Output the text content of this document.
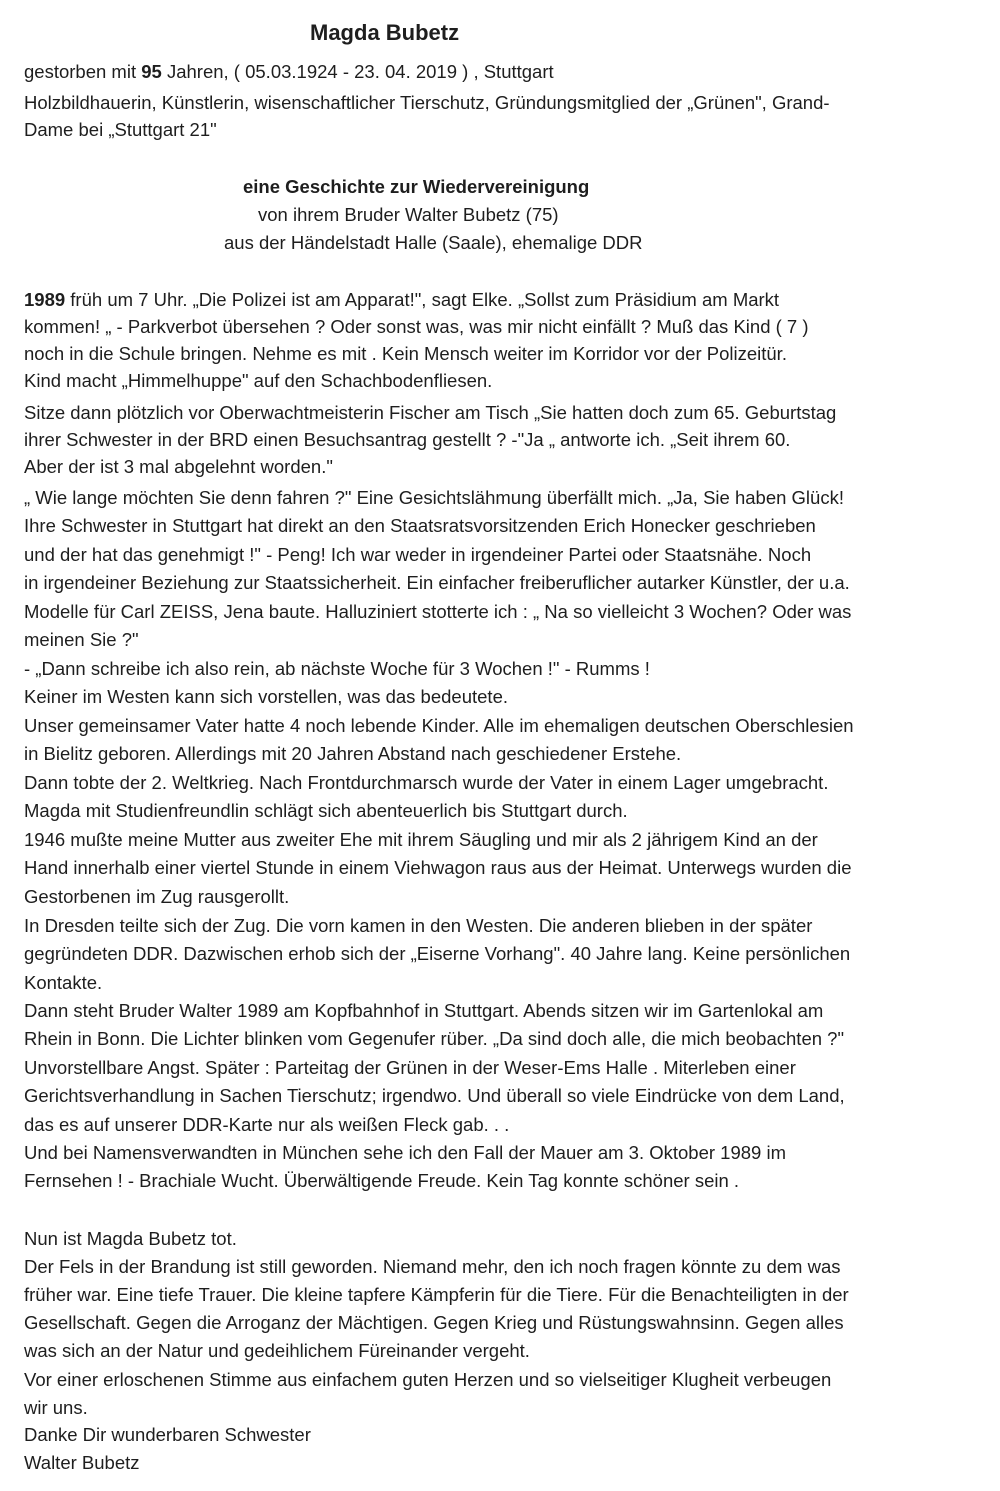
Magda Bubetz
gestorben mit 95 Jahren, ( 05.03.1924 - 23. 04. 2019 ) , Stuttgart
Holzbildhauerin, Künstlerin, wisenschaftlicher Tierschutz, Gründungsmitglied der „Grünen", Grand-
Dame bei „Stuttgart 21"
eine Geschichte zur Wiedervereinigung
von ihrem Bruder Walter Bubetz (75)
aus der Händelstadt Halle (Saale), ehemalige DDR
1989 früh um 7 Uhr. „Die Polizei ist am Apparat!", sagt Elke. „Sollst zum Präsidium am Markt
kommen! „ - Parkverbot übersehen ? Oder sonst was, was mir nicht einfällt ? Muß das Kind ( 7 )
noch in die Schule bringen. Nehme es mit . Kein Mensch weiter im Korridor vor der Polizeitür.
Kind macht „Himmelhuppe" auf den Schachbodenfliesen.
Sitze dann plötzlich vor Oberwachtmeisterin Fischer am Tisch „Sie hatten doch zum 65. Geburtstag
ihrer Schwester in der BRD einen Besuchsantrag gestellt ? -"Ja „ antworte ich. „Seit ihrem 60.
Aber der ist 3 mal abgelehnt worden."
„ Wie lange möchten Sie denn fahren ?" Eine Gesichtslähmung überfällt mich. „Ja, Sie haben Glück!
Ihre Schwester in Stuttgart hat direkt an den Staatsratsvorsitzenden Erich Honecker geschrieben
und der hat das genehmigt !" - Peng! Ich war weder in irgendeiner Partei oder Staatsnähe. Noch
in irgendeiner Beziehung zur Staatssicherheit. Ein einfacher freiberuflicher autarker Künstler, der u.a.
Modelle für Carl ZEISS, Jena baute. Halluziniert stotterte ich : „ Na so vielleicht 3 Wochen? Oder was
meinen Sie ?"
- „Dann schreibe ich also rein, ab nächste Woche für 3 Wochen !" - Rumms !
Keiner im Westen kann sich vorstellen, was das bedeutete.
Unser gemeinsamer Vater hatte 4 noch lebende Kinder. Alle im ehemaligen deutschen Oberschlesien
in Bielitz geboren. Allerdings mit 20 Jahren Abstand nach geschiedener Erstehe.
Dann tobte der 2. Weltkrieg. Nach Frontdurchmarsch wurde der Vater in einem Lager umgebracht.
Magda mit Studienfreundlin schlägt sich abenteuerlich bis Stuttgart durch.
1946 mußte meine Mutter aus zweiter Ehe mit ihrem Säugling und mir als 2 jährigem Kind an der
Hand innerhalb einer viertel Stunde in einem Viehwagon raus aus der Heimat. Unterwegs wurden die
Gestorbenen im Zug rausgerollt.
In Dresden teilte sich der Zug. Die vorn kamen in den Westen. Die anderen blieben in der später
gegründeten DDR. Dazwischen erhob sich der „Eiserne Vorhang". 40 Jahre lang. Keine persönlichen
Kontakte.
Dann steht Bruder Walter 1989 am Kopfbahnhof in Stuttgart. Abends sitzen wir im Gartenlokal am
Rhein in Bonn. Die Lichter blinken vom Gegenufer rüber. „Da sind doch alle, die mich beobachten ?"
Unvorstellbare Angst. Später : Parteitag der Grünen in der Weser-Ems Halle . Miterleben einer
Gerichtsverhandlung in Sachen Tierschutz; irgendwo. Und überall so viele Eindrücke von dem Land,
das es auf unserer DDR-Karte nur als weißen Fleck gab. . .
Und bei Namensverwandten in München sehe ich den Fall der Mauer am 3. Oktober 1989 im
Fernsehen ! - Brachiale Wucht. Überwältigende Freude. Kein Tag konnte schöner sein .
Nun ist Magda Bubetz tot.
Der Fels in der Brandung ist still geworden. Niemand mehr, den ich noch fragen könnte zu dem was
früher war. Eine tiefe Trauer. Die kleine tapfere Kämpferin für die Tiere. Für die Benachteiligten in der
Gesellschaft. Gegen die Arroganz der Mächtigen. Gegen Krieg und Rüstungswahnsinn. Gegen alles
was sich an der Natur und gedeihlichem Füreinander vergeht.
Vor einer erloschenen Stimme aus einfachem guten Herzen und so vielseitiger Klugheit verbeugen
wir uns.
Danke Dir wunderbaren Schwester
Walter Bubetz
